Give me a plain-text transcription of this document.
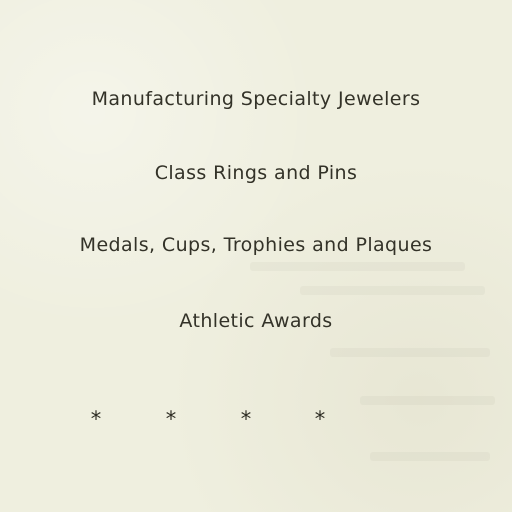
Manufacturing Specialty Jewelers
Class Rings and Pins
Medals, Cups, Trophies and Plaques
Athletic Awards
*	*	*	*
